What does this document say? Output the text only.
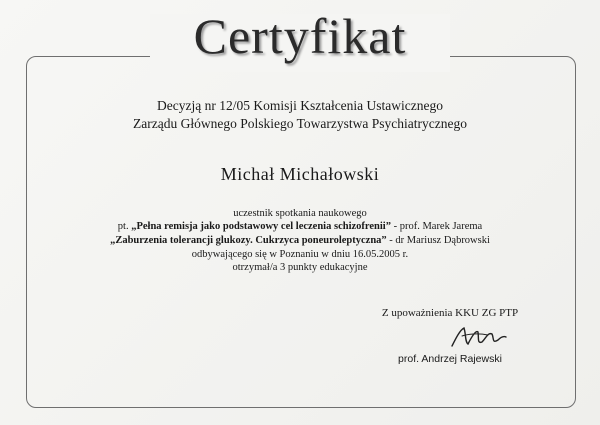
Certyfikat
Decyzją nr 12/05 Komisji Kształcenia Ustawicznego
Zarządu Głównego Polskiego Towarzystwa Psychiatrycznego
Michał Michałowski
uczestnik spotkania naukowego
pt. „Pełna remisja jako podstawowy cel leczenia schizofrenii” - prof. Marek Jarema
„Zaburzenia tolerancji glukozy. Cukrzyca poneuroleptyczna” - dr Mariusz Dąbrowski
odbywającego się w Poznaniu w dniu 16.05.2005 r.
otrzymał/a 3 punkty edukacyjne
Z upoważnienia KKU ZG PTP
prof. Andrzej Rajewski
